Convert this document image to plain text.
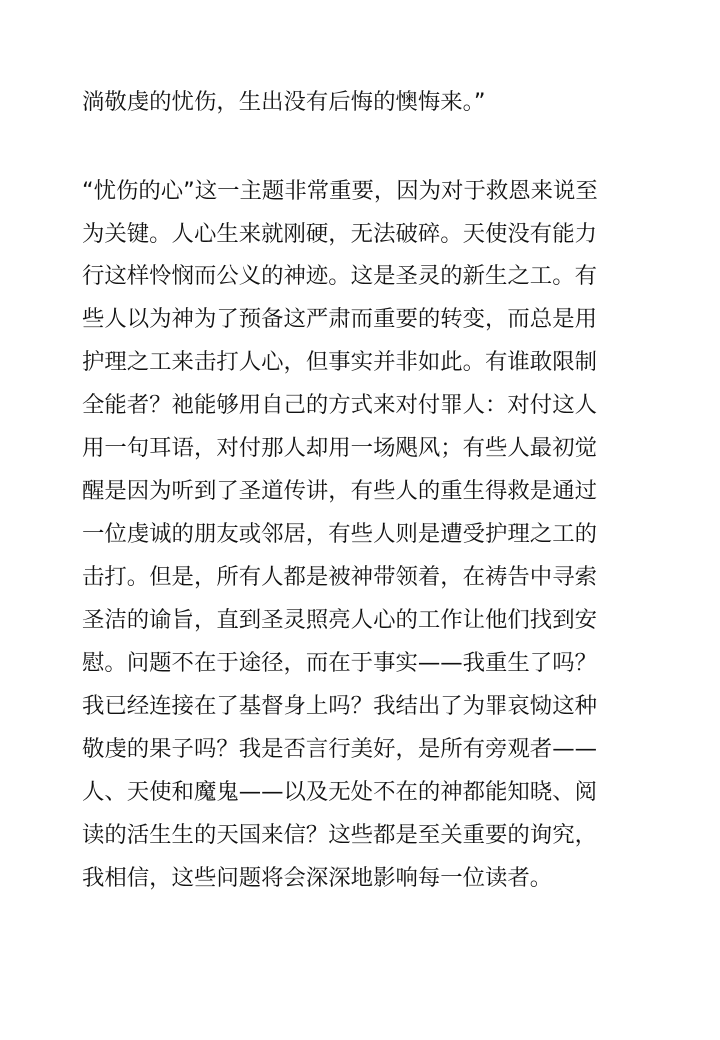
淌敬虔的忧伤，生出没有后悔的懊悔来。”
“忧伤的心”这一主题非常重要，因为对于救恩来说至
为关键。人心生来就刚硬，无法破碎。天使没有能力
行这样怜悯而公义的神迹。这是圣灵的新生之工。有
些人以为神为了预备这严肃而重要的转变，而总是用
护理之工来击打人心，但事实并非如此。有谁敢限制
全能者？祂能够用自己的方式来对付罪人：对付这人
用一句耳语，对付那人却用一场飓风；有些人最初觉
醒是因为听到了圣道传讲，有些人的重生得救是通过
一位虔诚的朋友或邻居，有些人则是遭受护理之工的
击打。但是，所有人都是被神带领着，在祷告中寻索
圣洁的谕旨，直到圣灵照亮人心的工作让他们找到安
慰。问题不在于途径，而在于事实——我重生了吗？
我已经连接在了基督身上吗？我结出了为罪哀恸这种
敬虔的果子吗？我是否言行美好，是所有旁观者——
人、天使和魔鬼——以及无处不在的神都能知晓、阅
读的活生生的天国来信？这些都是至关重要的询究，
我相信，这些问题将会深深地影响每一位读者。
